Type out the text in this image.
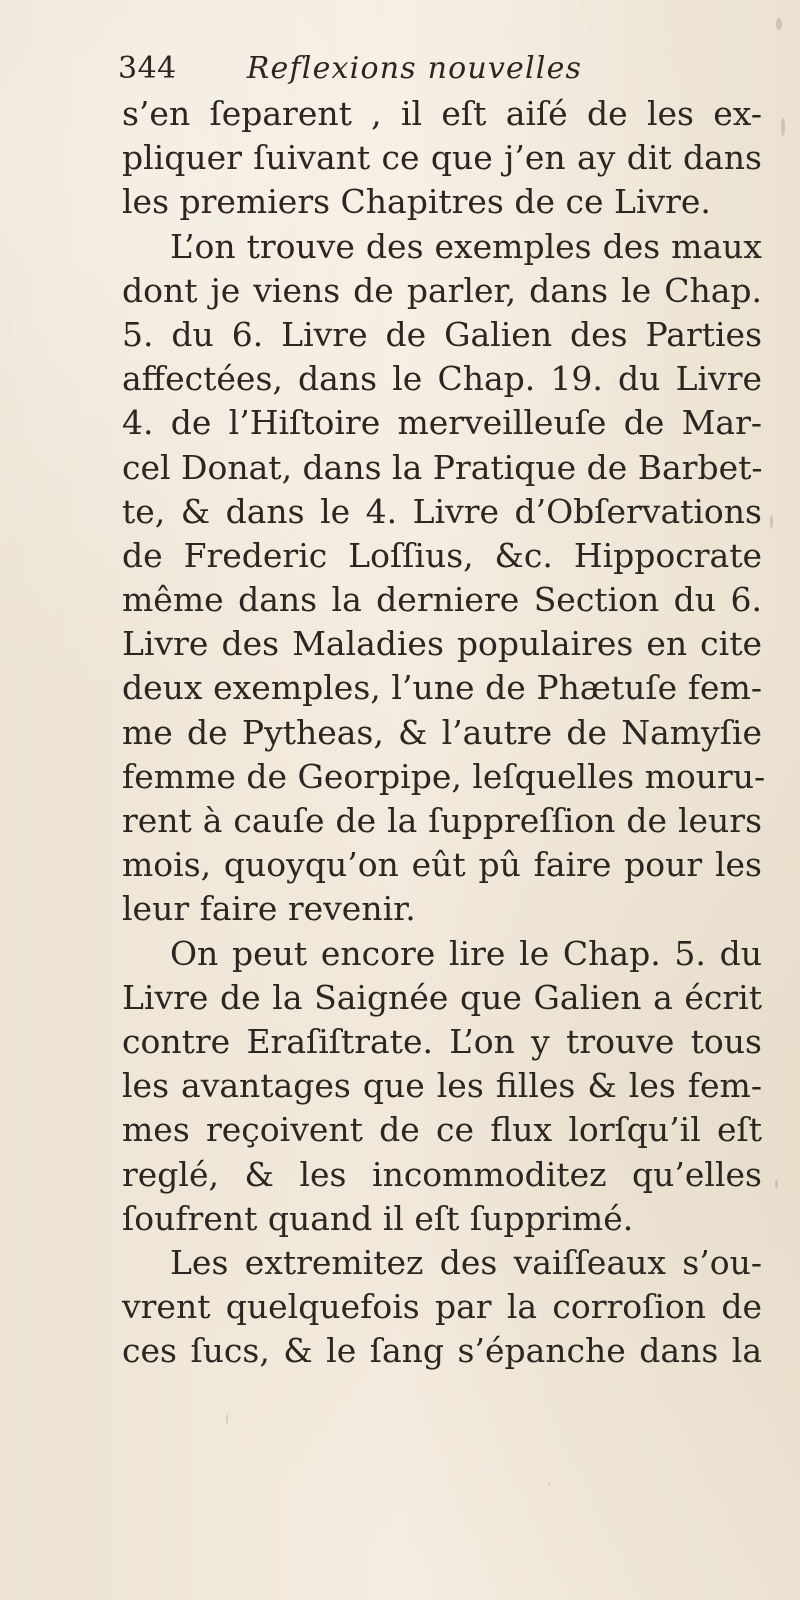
344 Reflexions nouvelles
s’en ſeparent , il eſt aiſé de les ex-
pliquer ſuivant ce que j’en ay dit dans
les premiers Chapitres de ce Livre.
L’on trouve des exemples des maux
dont je viens de parler, dans le Chap.
5. du 6. Livre de Galien des Parties
affectées, dans le Chap. 19. du Livre
4. de l’Hiſtoire merveilleuſe de Mar-
cel Donat, dans la Pratique de Barbet-
te, & dans le 4. Livre d’Obſervations
de Frederic Loſſius, &c. Hippocrate
même dans la derniere Section du 6.
Livre des Maladies populaires en cite
deux exemples, l’une de Phætuſe fem-
me de Pytheas, & l’autre de Namyſie
femme de Georpipe, leſquelles mouru-
rent à cauſe de la ſuppreſſion de leurs
mois, quoyqu’on eût pû faire pour les
leur faire revenir.
On peut encore lire le Chap. 5. du
Livre de la Saignée que Galien a écrit
contre Eraſiſtrate. L’on y trouve tous
les avantages que les filles & les fem-
mes reçoivent de ce flux lorſqu’il eſt
reglé, & les incommoditez qu’elles
ſoufrent quand il eſt ſupprimé.
Les extremitez des vaiſſeaux s’ou-
vrent quelquefois par la corroſion de
ces ſucs, & le ſang s’épanche dans la
